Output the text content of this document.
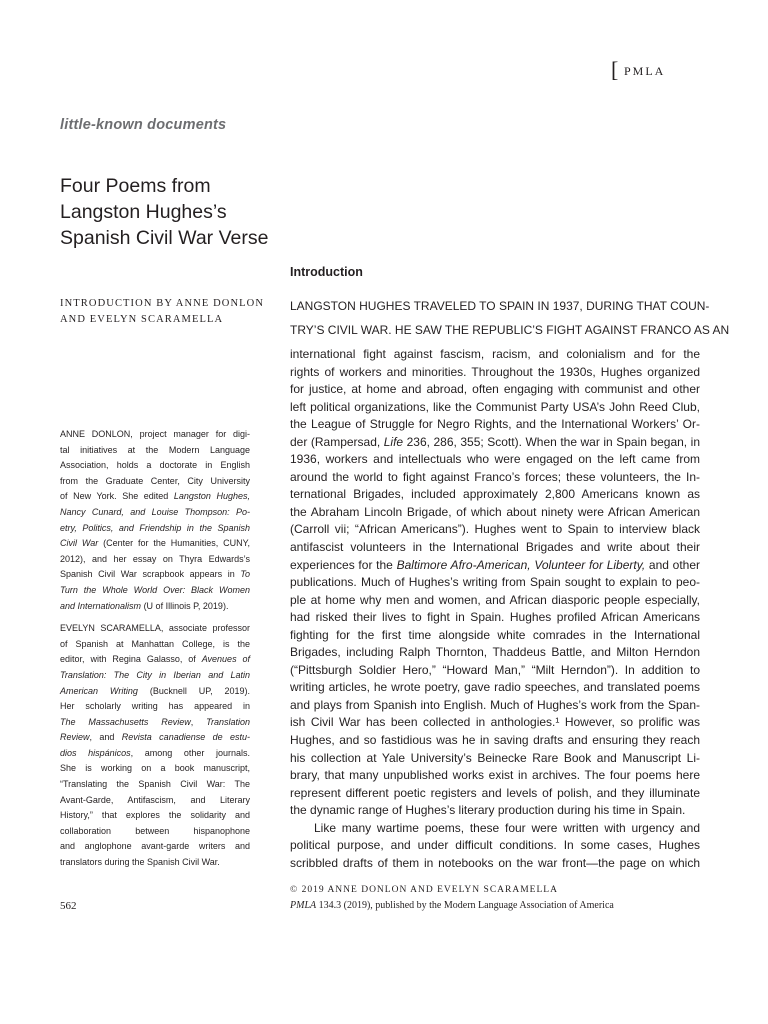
[ PMLA
little-known documents
Four Poems from
Langston Hughes’s
Spanish Civil War Verse
INTRODUCTION BY ANNE DONLON
AND EVELYN SCARAMELLA
Introduction
LANGSTON HUGHES TRAVELED TO SPAIN IN 1937, DURING THAT COUN-
TRY’S CIVIL WAR. HE SAW THE REPUBLIC’S FIGHT AGAINST FRANCO AS AN
international fight against fascism, racism, and colonialism and for the
rights of workers and minorities. Throughout the 1930s, Hughes organized
for justice, at home and abroad, often engaging with communist and other
left political organizations, like the Communist Party USA’s John Reed Club,
the League of Struggle for Negro Rights, and the International Workers’ Or-
der (Rampersad, Life 236, 286, 355; Scott). When the war in Spain began, in
1936, workers and intellectuals who were engaged on the left came from
around the world to fight against Franco’s forces; these volunteers, the In-
ternational Brigades, included approximately 2,800 Americans known as
the Abraham Lincoln Brigade, of which about ninety were African American
(Carroll vii; “African Americans”). Hughes went to Spain to interview black
antifascist volunteers in the International Brigades and write about their
experiences for the Baltimore Afro-American, Volunteer for Liberty, and other
publications. Much of Hughes’s writing from Spain sought to explain to peo-
ple at home why men and women, and African diasporic people especially,
had risked their lives to fight in Spain. Hughes profiled African Americans
fighting for the first time alongside white comrades in the International
Brigades, including Ralph Thornton, Thaddeus Battle, and Milton Herndon
(“Pittsburgh Soldier Hero,” “Howard Man,” “Milt Herndon”). In addition to
writing articles, he wrote poetry, gave radio speeches, and translated poems
and plays from Spanish into English. Much of Hughes’s work from the Span-
ish Civil War has been collected in anthologies.¹ However, so prolific was
Hughes, and so fastidious was he in saving drafts and ensuring they reach
his collection at Yale University’s Beinecke Rare Book and Manuscript Li-
brary, that many unpublished works exist in archives. The four poems here
represent different poetic registers and levels of polish, and they illuminate
the dynamic range of Hughes’s literary production during his time in Spain.
Like many wartime poems, these four were written with urgency and
political purpose, and under difficult conditions. In some cases, Hughes
scribbled drafts of them in notebooks on the war front—the page on which
ANNE DONLON, project manager for digi-
tal initiatives at the Modern Language
Association, holds a doctorate in English
from the Graduate Center, City University
of New York. She edited Langston Hughes,
Nancy Cunard, and Louise Thompson: Po-
etry, Politics, and Friendship in the Spanish
Civil War (Center for the Humanities, CUNY,
2012), and her essay on Thyra Edwards’s
Spanish Civil War scrapbook appears in To
Turn the Whole World Over: Black Women
and Internationalism (U of Illinois P, 2019).
EVELYN SCARAMELLA, associate professor
of Spanish at Manhattan College, is the
editor, with Regina Galasso, of Avenues of
Translation: The City in Iberian and Latin
American Writing (Bucknell UP, 2019).
Her scholarly writing has appeared in
The Massachusetts Review, Translation
Review, and Revista canadiense de estu-
dios hispánicos, among other journals.
She is working on a book manuscript,
“Translating the Spanish Civil War: The
Avant-Garde, Antifascism, and Literary
History,” that explores the solidarity and
collaboration between hispanophone
and anglophone avant-garde writers and
translators during the Spanish Civil War.
© 2019 ANNE DONLON AND EVELYN SCARAMELLA
PMLA 134.3 (2019), published by the Modern Language Association of America
562
